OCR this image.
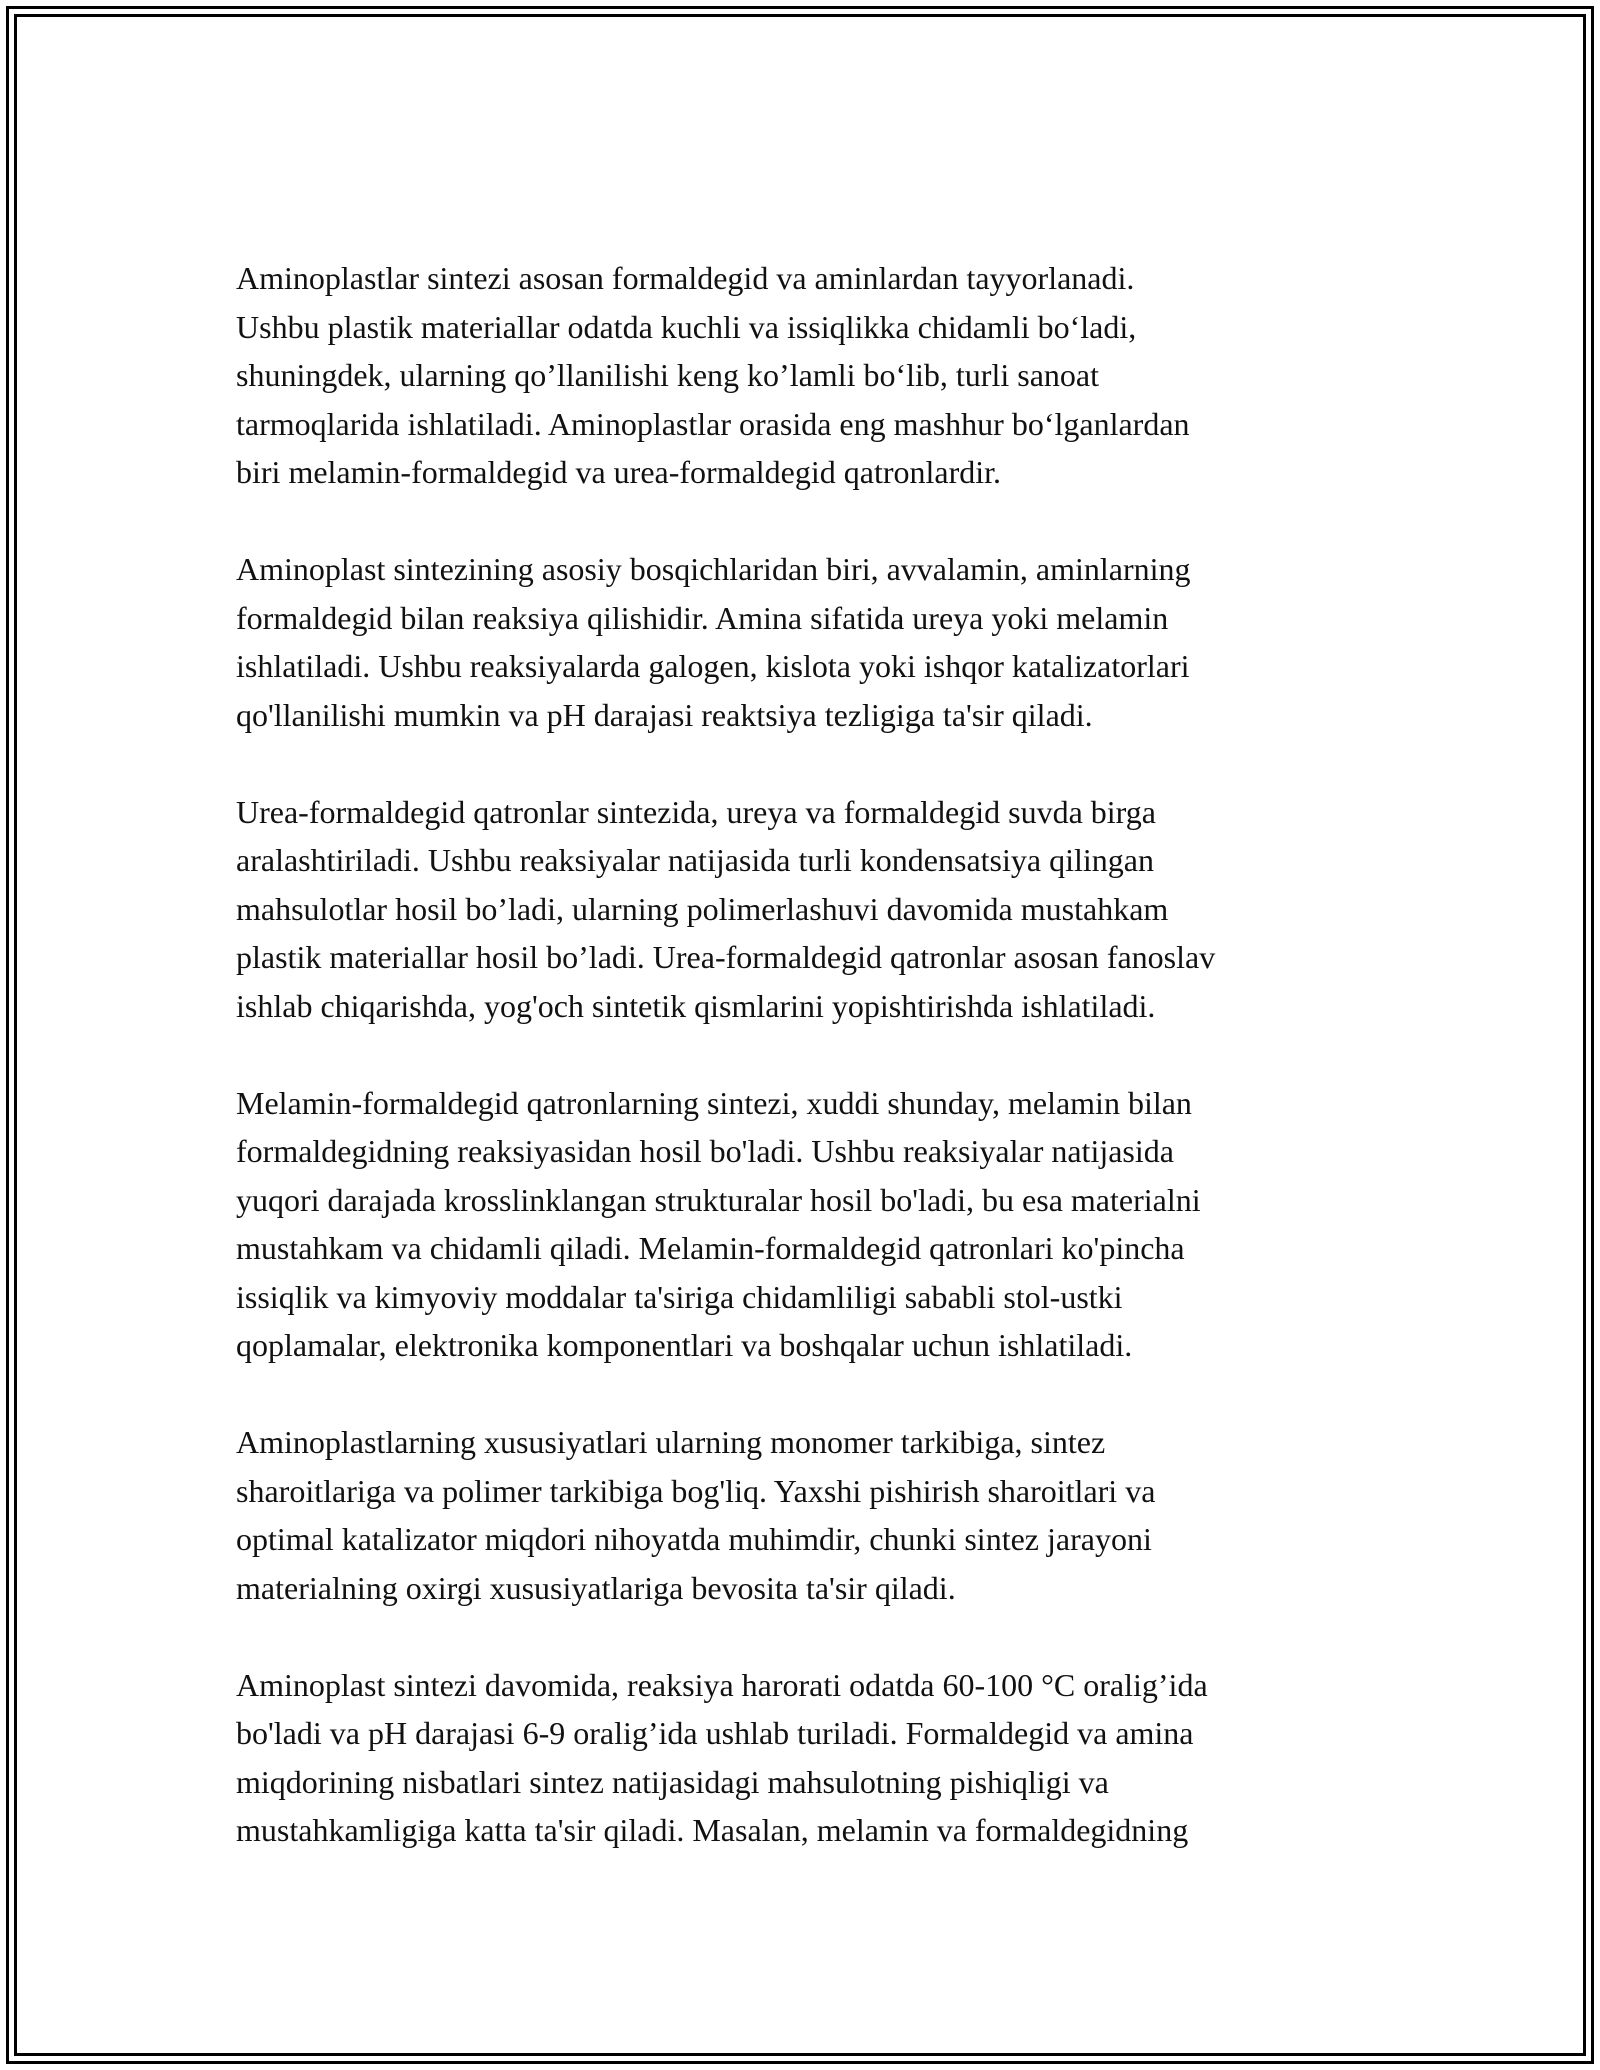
Aminoplastlar sintezi asosan formaldegid va aminlardan tayyorlanadi.
Ushbu plastik materiallar odatda kuchli va issiqlikka chidamli bo‘ladi,
shuningdek, ularning qo’llanilishi keng ko’lamli bo‘lib, turli sanoat
tarmoqlarida ishlatiladi. Aminoplastlar orasida eng mashhur bo‘lganlardan
biri melamin-formaldegid va urea-formaldegid qatronlardir.

Aminoplast sintezining asosiy bosqichlaridan biri, avvalamin, aminlarning
formaldegid bilan reaksiya qilishidir. Amina sifatida ureya yoki melamin
ishlatiladi. Ushbu reaksiyalarda galogen, kislota yoki ishqor katalizatorlari
qo'llanilishi mumkin va pH darajasi reaktsiya tezligiga ta'sir qiladi.

Urea-formaldegid qatronlar sintezida, ureya va formaldegid suvda birga
aralashtiriladi. Ushbu reaksiyalar natijasida turli kondensatsiya qilingan
mahsulotlar hosil bo’ladi, ularning polimerlashuvi davomida mustahkam
plastik materiallar hosil bo’ladi. Urea-formaldegid qatronlar asosan fanoslav
ishlab chiqarishda, yog'och sintetik qismlarini yopishtirishda ishlatiladi.

Melamin-formaldegid qatronlarning sintezi, xuddi shunday, melamin bilan
formaldegidning reaksiyasidan hosil bo'ladi. Ushbu reaksiyalar natijasida
yuqori darajada krosslinklangan strukturalar hosil bo'ladi, bu esa materialni
mustahkam va chidamli qiladi. Melamin-formaldegid qatronlari ko'pincha
issiqlik va kimyoviy moddalar ta'siriga chidamliligi sababli stol-ustki
qoplamalar, elektronika komponentlari va boshqalar uchun ishlatiladi.

Aminoplastlarning xususiyatlari ularning monomer tarkibiga, sintez
sharoitlariga va polimer tarkibiga bog'liq. Yaxshi pishirish sharoitlari va
optimal katalizator miqdori nihoyatda muhimdir, chunki sintez jarayoni
materialning oxirgi xususiyatlariga bevosita ta'sir qiladi.

Aminoplast sintezi davomida, reaksiya harorati odatda 60-100 °C oralig’ida
bo'ladi va pH darajasi 6-9 oralig’ida ushlab turiladi. Formaldegid va amina
miqdorining nisbatlari sintez natijasidagi mahsulotning pishiqligi va
mustahkamligiga katta ta'sir qiladi. Masalan, melamin va formaldegidning
